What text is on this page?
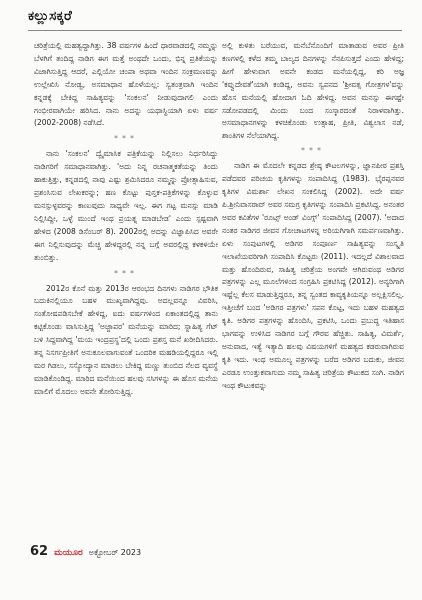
ಕಲ್ಲುಸಕ್ಕರೆ

ಚರಿತ್ರೆಯಲ್ಲಿ ಮಹತ್ವದ್ದಾಗಿತ್ತು. 38 ವರ್ಷಗಳ ಹಿಂದೆ ಧಾರವಾಡದಲ್ಲಿ ನಮ್ಮನ್ನು ಬೆಳಗಿಗೆ ತಂದಿದ್ದ ನಾಡಿಗ ಈಗ ಮತ್ತೆ ಅಂಥದೇ ಒಂದು, ಭಿನ್ನ ಪ್ರತಿಕೆಯನ್ನು ವಿಜಾಗಿಸುತ್ತಿದ್ದ ಆದರೆ, ಎಲ್ಲಿಯೋ ಚಂಪಾ ಅಥವಾ ಇಂದಿನ ಸಂಕ್ರಮಣವನ್ನು ಉಲ್ಲೇಖಿಸಿ ನೋಡ್ವ, ಅಸಮಾಧಾನ ಹೊಳೆಯಲ್ಲ: ಸ್ವತಂತ್ರವಾಗಿ ಇಂದಿನ ಕನ್ನಡಕ್ಕೆ ಬೇಕಿದ್ದ ಸಾಹಿತ್ಯವನ್ನು 'ಸಂಕಲನ' ನೀಡುವುದಾಗಲಿ ಎಂದು ಗಂಭೀರವಾಗಿಯೇ ಹರಿಸಿದ. ನಾನು ಅದನ್ನು ಯಥಾಸ್ಥಿಯಾಗಿ ಏಳು ವರ್ಷ (2002-2008) ನಡೆಸಿದೆ.

***

ನಾನು 'ಸಂಕಲನ' ದ್ವೈಮಾಸಿಕ ಪತ್ರಿಕೆಯನ್ನು ನಿಲ್ಲಿಸಲು ನಿರ್ಧರಿಸಿದ್ದು ನಾಡಿಗರಿಗೆ ಸಮಾಧಾನವಾಗಿತ್ತು. 'ಅದು ನಿನ್ನ ರಚನಾತ್ಮಕತೆಯನ್ನು ತಿಂದು ಹಾಕುತ್ತಿತ್ತು, ಕನ್ನಡದಲ್ಲಿ ನಾವು ಎಷ್ಟು ಶ್ರಮಿಸಿದರೂ ನಮ್ಮನ್ನು ಪ್ರೋತ್ಸಾಹಿಸುವ, ಪ್ರಶಂಸಿಸುವ ಲೇಖಕರನ್ನು; ಹಣ ಕೊಟ್ಟು ಪುಸ್ತಕ-ಪತ್ರಿಕೆಗಳನ್ನು ಕೊಳ್ಳುವ ಮನಸ್ಸುಳ್ಳವರನ್ನು ಕಾಣುವುದು ಸಾಧ್ಯವೇ ಇಲ್ಲ. ಈಗ ಗಟ್ಟ ಮನಸ್ಸು ಮಾಡಿ ನಿಲ್ಲಿಸಿದ್ದೀ, ಒಳ್ಳೆ ಮುಂದೆ ಇಂಥ ಪ್ರಯತ್ನ ಮಾಡಬೇಡ' ಎಂದು ಸ್ಪಷ್ಟವಾಗಿ ಹೇಳಿದ (2008 ಡಿಸೆಂಬರ್ 8). 2002ರಲ್ಲಿ ಅದನ್ನು ವಿಜ್ಞಾಪಿಸಿದ ಅವರೇ ಈಗ ನಿಲ್ಲಿಸುವುದನ್ನು ಮೆಚ್ಚಿ ಹೇಳಿದ್ದರಲ್ಲಿ ನನ್ನ ಬಗ್ಗೆ ಅವರಲ್ಲಿದ್ದ ಕಳಕಳಿಯೇ ತುಂಬಿತ್ತು.

***

2012ರ ಕೊನೆ ಮತ್ತು 2013ರ ಆರಂಭದ ದಿನಗಳು ನಾಡಿಗರ ಭೌತಿಕ ಬದುಕಿನಲ್ಲಿಯೂ ಬಹಳ ಮುಖ್ಯವಾಗಿದ್ದವು. ಅದಲ್ಲವನ್ನೂ ವಿವರಿಸಿ, ಸಂತೋಷಪಡಿಸಬೇಕೆ ಹೇಳಿದ್ದ, ಐದು ವರ್ಷಗಳಿಂದ ಏಕಾಂತದಲ್ಲಿದ್ದ ತಾನು ಕಟ್ಟಿಕೊಂಡು ವಾಸಿಸುತ್ತಿದ್ದ 'ಅಜ್ಜಾಪರ' ಮನೆಯನ್ನು ಮಾರಿದ; ಸ್ನಾಹಿತ್ಯ ಗೆಟ್ ಬಳಿ ಸಿದ್ದವಾಗಿದ್ದ 'ಮಯ ಇಂದ್ರಪ್ರಸ್ಥ'ದಲ್ಲಿ ಒಂದು ಪ್ರಶಸ್ತ ಮನೆ ಖರೀದಿಸಿದರು. ತನ್ನ ನಿಸರ್ಗಪ್ರೀತಿಗೆ ಅನುಕೂಲವಾಗುವಂತೆ ಒಂದರಿಕ ಮಹಡಿಯಲ್ಲಿದ್ದರೂ ಇಲ್ಲಿ ಮರ ಗಿಡಲು, ಸಸ್ಯೋದ್ಯಾನ ಮಾಡಲು ಬೇಕಿದ್ದ ಮಣ್ಣು ತುಂಬಿದ ನೆಲದ ವ್ಯವಸ್ಥೆ ಮಾಡಿಕೊಂಡಿದ್ದ. ಮಾರಿದ ಮನೆಯಿಂದ ಹಲವು ಸಸಿಗಳನ್ನು ಈ ಹೊಸ ಮನೆಯ ಮಾಲಿಗೆ ಮೊದಲು ಅವನೇ ತೋರಿಸುತ್ತಿದ್ದ.

ಅಲ್ಲಿ ಕುಳಿತು ಬರೆಯುವ, ಮನೆಬೆನೊಂದಿಗೆ ಮಾತಾಡುವ ಅವರ ಪ್ರೀತಿ ಕಣಗಳಲ್ಲಿ ಕಳೆದ ತಮ್ಮ ಬಾಲ್ಯದ ದಿನಗಳನ್ನು ನೆನಪಿಸುತ್ತದೆ ಎಂದು ಹೇಳಿದ್ದ; ಹೀಗೆ ಹೇಳುವಾಗ ಅವನೇ ಕಂಡದ ಮನೆಯಲ್ಲಿದ್ದ, ಕರಿ ಅಜ್ಞ 'ಕವ್ವುದೇವತೆ'ಯಾಗಿ ಕಂಡಿದ್ದ, ಅವನು ಸ್ವಪನದ 'ಶ್ರೀವತ್ಸ ಗೋತ್ರಗಳ'ವನ್ನು ಹೊಸ ಮನೆಯಲ್ಲಿ ಹೋದಾಗ ಓದಿ ಹೇಳಿದ್ದ. ಅವನ ಮನಸ್ಸು ಈಗಷ್ಟೇ ಸಡೋಪಡದಲ್ಲಿ ಮಿಂದು ಬಂದ ಸಂಸ್ಕಾರದಂತೆ ನಿರಾಳವಾಗಿತ್ತು. ಅಸಮಾಧಾನಗಳನ್ನು ಕಳಚಿಕೊಂಡು ಉತ್ಸಾಹ, ಪ್ರೀತಿ, ವಿಶ್ವಲಾಸ ನಡೆ, ಶಾಂತಿಗಳ ನೆಲೆಯಾಗಿದ್ದ.

***

ನಾಡಿಗ ಈ ಮೊದಲೇ ಕನ್ನಡದ ಶ್ರೇಷ್ಠ ಕೌಟಲಗಳನ್ನು, ಜ್ಞಾನಪೀಠ ಪ್ರಶಸ್ತಿ ಪಡೆದವರ ಪರಿಚಯ ಕೃತಿಗಳನ್ನು ಸಂಪಾದಿಸಿದ್ದ (1983). ಭೈರಪ್ಪನವರ ಕೃತಿಗಳ ವಿಮರ್ಶಾ ಲೇಖನ ಸಂಕಲಿಸಿದ್ದ (2002). ಅದೇ ವರ್ಷ ಪಿ.ಶ್ರೀನಿವಾಸರಾವ್ ಅವರ ಸಮಗ್ರ ಕೃತಿಗಳನ್ನು ಸಂಪಾದಿಸಿ ಪ್ರಕಟಿಸಿದ್ದ. ಅನಂತರ ಅವರ ಕವಿತೆಗಳ 'ರೂಟ್ಸ್ ಅಂಡ್ ವಿಂಗ್ಸ್' ಸಂಪಾದಿಸಿದ್ದ (2007). 'ಅದಾದ ನಂತರ ನಾಡಿಗರ ಜೀವನ ಗೋಚಾಟಗಳನ್ನ ಅರಿಯಗಿಗಾಗಿ ಸಮರ್ಪಣವಾಗಿತ್ತು. ಏಳು ಸಂಪುಟಗಳಲ್ಲಿ ಅಡಿಗರ ಸಂಪೂರ್ಣ ಸಾಹಿತ್ಯವನ್ನು ಸಂಸ್ಕೃತಿ ಇಲಾಖೆಯವರಿಗಾಗಿ ಸಂಪಾದಿಸಿ ಕೊಟ್ಟರು (2011). ಇದಲ್ಲದೆ ವಿಶಾಲವಾದ ಮತ್ತು ಹೊಂದಿರುವ, ಸಾಹಿತ್ಯ ಚರಿತ್ರೆಯ ಅಂಗವೇ ಆಗಿರುವಂಥ ಅಡಿಗರ ಪತ್ರಗಳನ್ನು ಎಲ್ಲ ಮೂಲೆಗಳಿಂದ ಸಂಗ್ರಹಿಸಿ ಪ್ರಕಟಿಸಿದ್ದ (2012). ಅನ್ಯರಿಗಾಗಿ ಇಷ್ಟೆಲ್ಲ ಕೆಲಸ ಮಾಡುತ್ತಿದ್ದರೂ, ತನ್ನ ಸ್ವಂತದ ಕಾವ್ಯಕೃತಿಯನ್ನೂ ಅಲ್ಲಕ್ಷಿಸಲಿಲ್ಲ. ಇತ್ತೀಚೆಗೆ ಬಂದ 'ಅಡಿಗರ ಪತ್ರಗಳು' ಸಪನ ಕೊಟ್ಟ, ಇದು ಬಹಳ ಮಹತ್ವದ ಕೃತಿ. ಅಡಿಗರ ಪತ್ರಗಳನ್ನು ಹೊಂದಿಸಿ, ಪ್ರಕಟಿಸಿ, ಒಂದು ಪ್ರಬುದ್ಧ ಇತಿಹಾಸ ಭಾಗವನ್ನು ಉಳಿಸಿದ ನಾಡಿಗರ ಬಗ್ಗೆ ಗೌರವ ಹೆಚ್ಚಿತು. ಸಾಹಿತ್ಯ, ವಿಮರ್ಶೆ, ಅನುವಾದ, ಇತ್ಯೆ ಇತ್ಯಾದಿ ಹಲವು ವಿಷಯಗಳಿಗೆ ಮಹತ್ವದ ಕಡರುವಾಗಿರುವ ಕೃತಿ ಇದು. ಇಂಥ ಅಮೂಲ್ಯ ಪತ್ರಗಳನ್ನು ಬರೆದ ಅಡಿಗರ ಬದುಕು, ಜೀವನ ಎರಡೂ ಉಂತ್ತುಕವಾಗುದು ನಮ್ಮ ಸಾಹಿತ್ಯ ಚರಿತ್ರೆಯ ಕೌಟುಕದ ಸಂಗಿ. ನಾಡಿಗ ಇಂಥ ಕೌಟುಕವನ್ನು

62 ಮಯೂರ ಅಕ್ಟೋಬರ್ 2023
